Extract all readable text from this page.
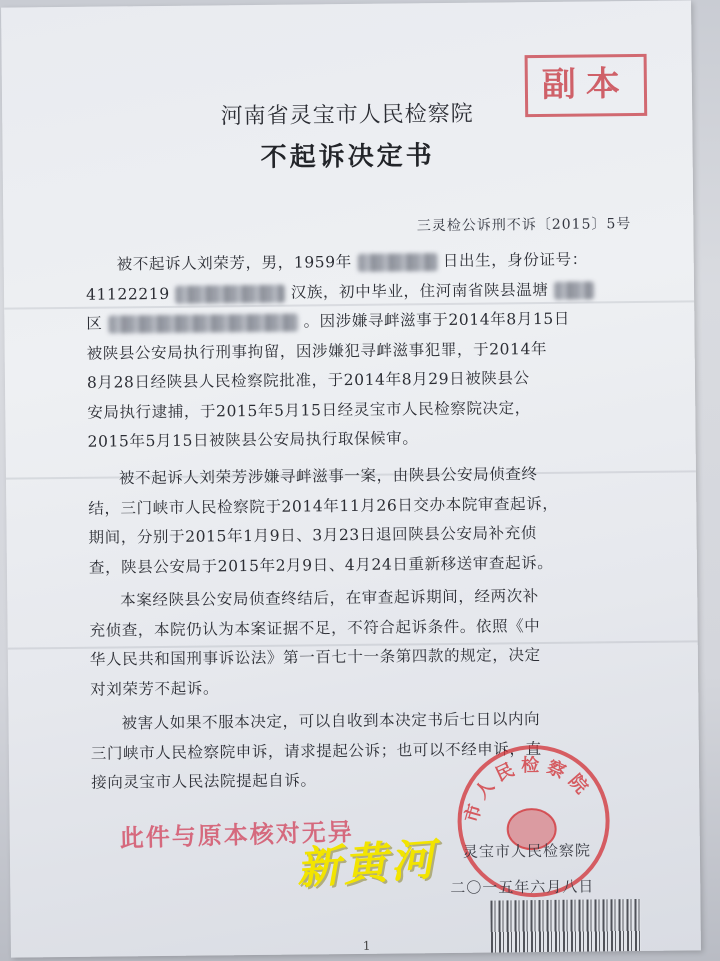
副本
河南省灵宝市人民检察院
不起诉决定书
三灵检公诉刑不诉〔2015〕5号
被不起诉人刘荣芳，男，1959年	日出生，身份证号：
41122219	汉族，初中毕业，住河南省陕县温塘
区	。因涉嫌寻衅滋事于2014年8月15日
被陕县公安局执行刑事拘留，因涉嫌犯寻衅滋事犯罪，于2014年
8月28日经陕县人民检察院批准，于2014年8月29日被陕县公
安局执行逮捕，于2015年5月15日经灵宝市人民检察院决定，
2015年5月15日被陕县公安局执行取保候审。
被不起诉人刘荣芳涉嫌寻衅滋事一案，由陕县公安局侦查终
结，三门峡市人民检察院于2014年11月26日交办本院审查起诉，
期间，分别于2015年1月9日、3月23日退回陕县公安局补充侦
查，陕县公安局于2015年2月9日、4月24日重新移送审查起诉。
本案经陕县公安局侦查终结后，在审查起诉期间，经两次补
充侦查，本院仍认为本案证据不足，不符合起诉条件。依照《中
华人民共和国刑事诉讼法》第一百七十一条第四款的规定，决定
对刘荣芳不起诉。
被害人如果不服本决定，可以自收到本决定书后七日以内向
三门峡市人民检察院申诉，请求提起公诉；也可以不经申诉，直
接向灵宝市人民法院提起自诉。
此件与原本核对无异
市人民检察院
灵宝市人民检察院
二〇一五年六月八日
1
新黄河
